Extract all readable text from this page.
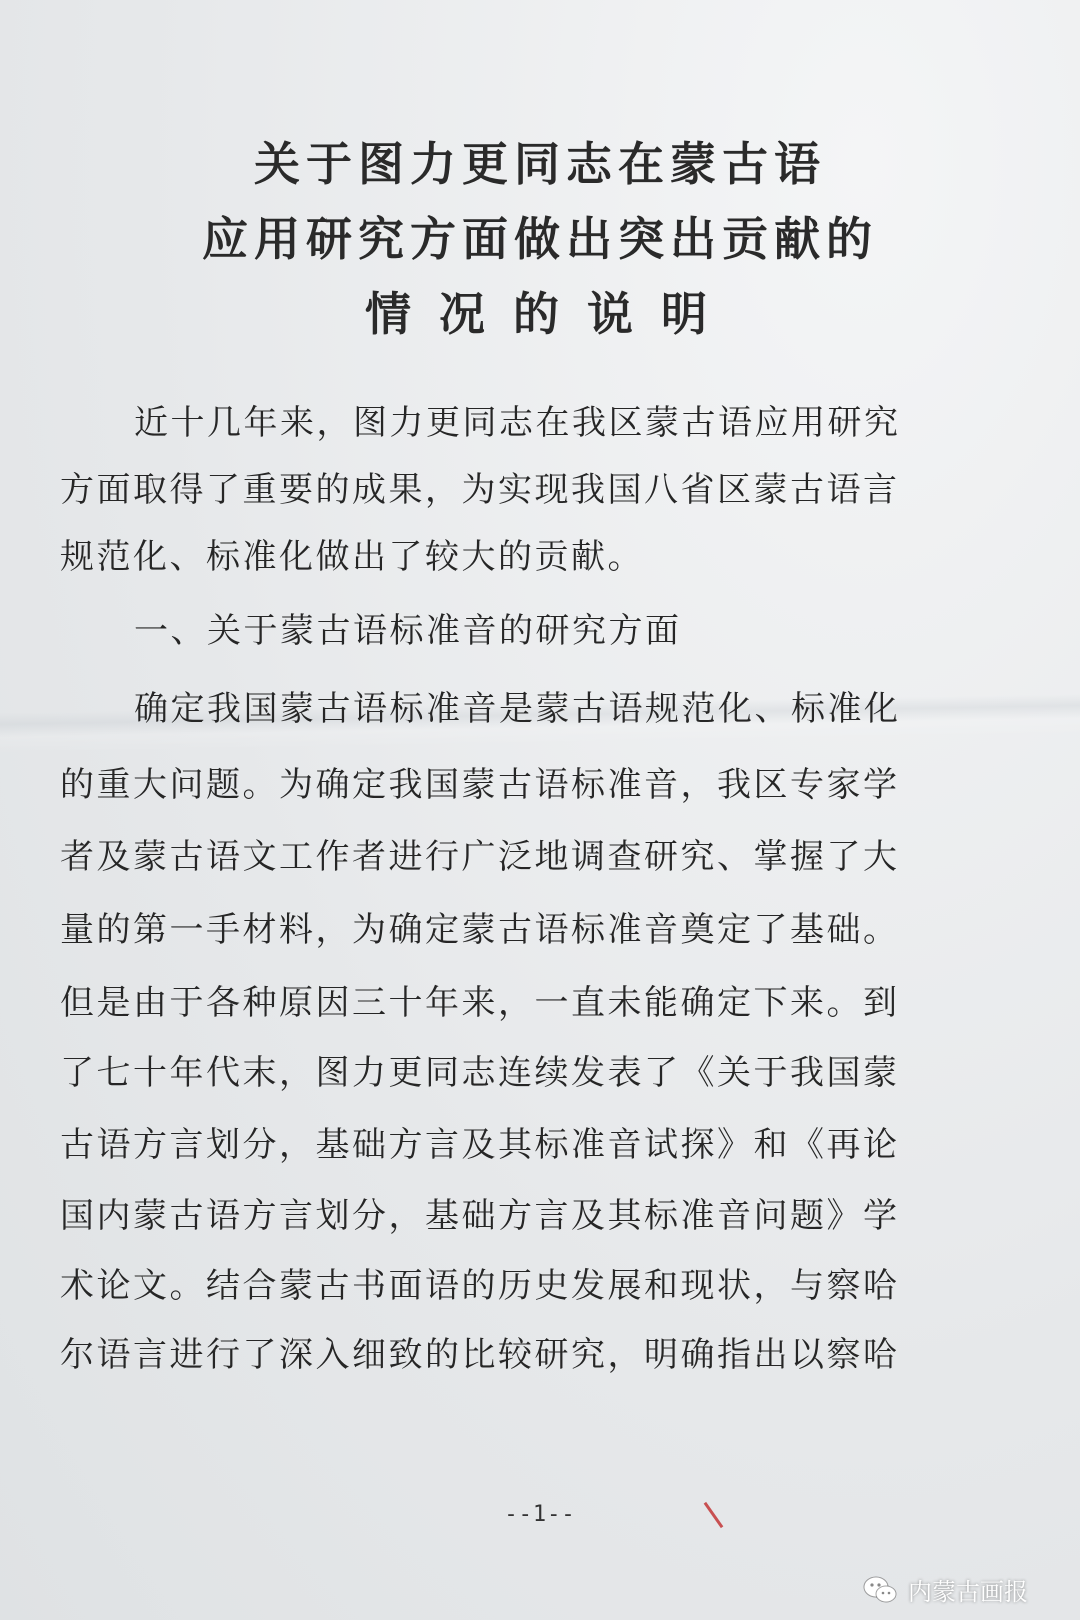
关于图力更同志在蒙古语
应用研究方面做出突出贡献的
情况的说明
近十几年来，图力更同志在我区蒙古语应用研究
方面取得了重要的成果，为实现我国八省区蒙古语言
规范化、标准化做出了较大的贡献。
一、关于蒙古语标准音的研究方面
确定我国蒙古语标准音是蒙古语规范化、标准化
的重大问题。为确定我国蒙古语标准音，我区专家学
者及蒙古语文工作者进行广泛地调查研究、掌握了大
量的第一手材料，为确定蒙古语标准音奠定了基础。
但是由于各种原因三十年来，一直未能确定下来。到
了七十年代末，图力更同志连续发表了《关于我国蒙
古语方言划分，基础方言及其标准音试探》和《再论
国内蒙古语方言划分，基础方言及其标准音问题》学
术论文。结合蒙古书面语的历史发展和现状，与察哈
尔语言进行了深入细致的比较研究，明确指出以察哈
--1--
内蒙古画报
